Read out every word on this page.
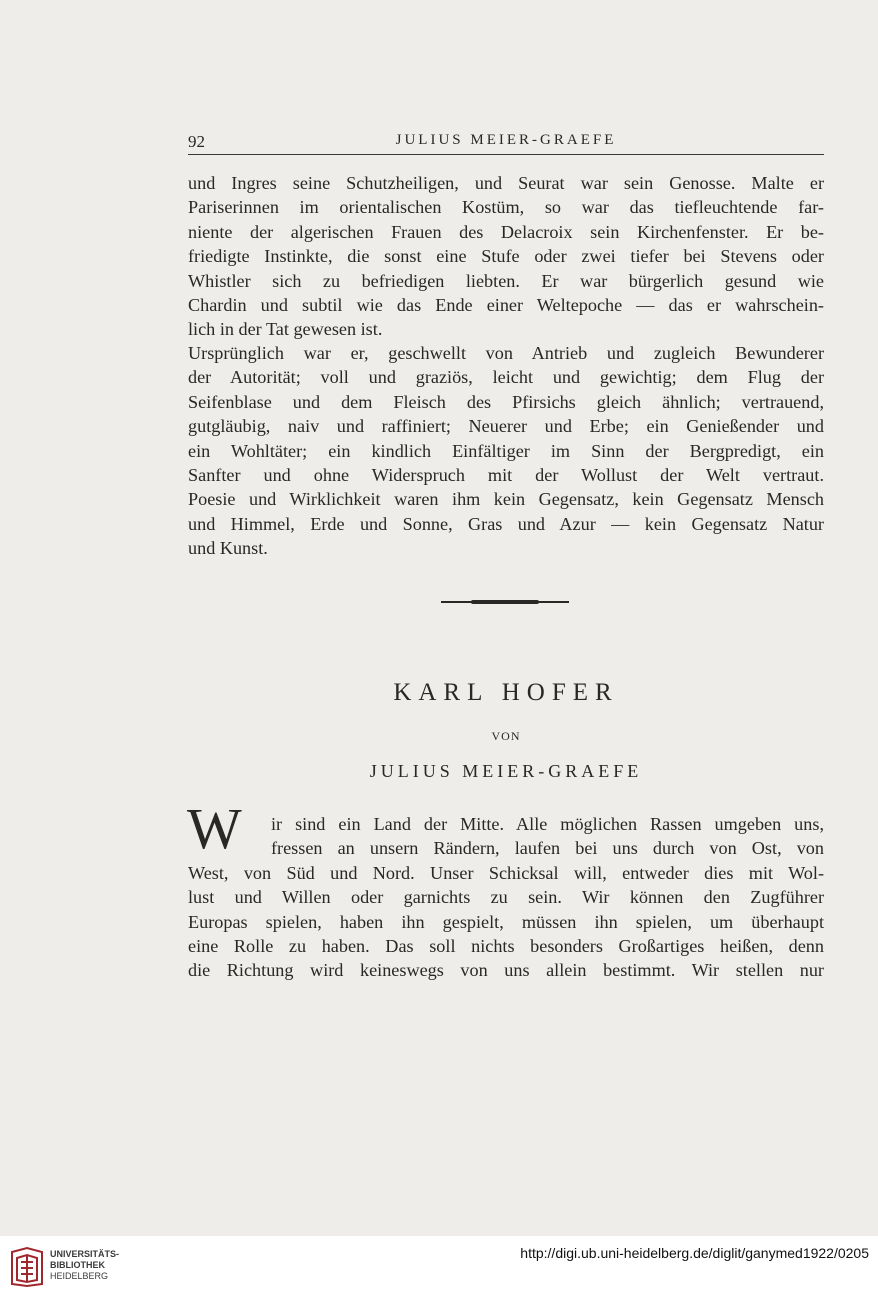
92	JULIUS MEIER-GRAEFE
und Ingres seine Schutzheiligen, und Seurat war sein Genosse. Malte er
Pariserinnen im orientalischen Kostüm, so war das tiefleuchtende far-
niente der algerischen Frauen des Delacroix sein Kirchenfenster. Er be-
friedigte Instinkte, die sonst eine Stufe oder zwei tiefer bei Stevens oder
Whistler sich zu befriedigen liebten. Er war bürgerlich gesund wie
Chardin und subtil wie das Ende einer Weltepoche — das er wahrschein-
lich in der Tat gewesen ist.
Ursprünglich war er, geschwellt von Antrieb und zugleich Bewunderer
der Autorität; voll und graziös, leicht und gewichtig; dem Flug der
Seifenblase und dem Fleisch des Pfirsichs gleich ähnlich; vertrauend,
gutgläubig, naiv und raffiniert; Neuerer und Erbe; ein Genießender und
ein Wohltäter; ein kindlich Einfältiger im Sinn der Bergpredigt, ein
Sanfter und ohne Widerspruch mit der Wollust der Welt vertraut.
Poesie und Wirklichkeit waren ihm kein Gegensatz, kein Gegensatz Mensch
und Himmel, Erde und Sonne, Gras und Azur — kein Gegensatz Natur
und Kunst.
KARL HOFER
VON
JULIUS MEIER-GRAEFE
W ir sind ein Land der Mitte. Alle möglichen Rassen umgeben uns,
fressen an unsern Rändern, laufen bei uns durch von Ost, von
West, von Süd und Nord. Unser Schicksal will, entweder dies mit Wol-
lust und Willen oder garnichts zu sein. Wir können den Zugführer
Europas spielen, haben ihn gespielt, müssen ihn spielen, um überhaupt
eine Rolle zu haben. Das soll nichts besonders Großartiges heißen, denn
die Richtung wird keineswegs von uns allein bestimmt. Wir stellen nur
UNIVERSITÄTS-
BIBLIOTHEK
HEIDELBERG
http://digi.ub.uni-heidelberg.de/diglit/ganymed1922/0205
